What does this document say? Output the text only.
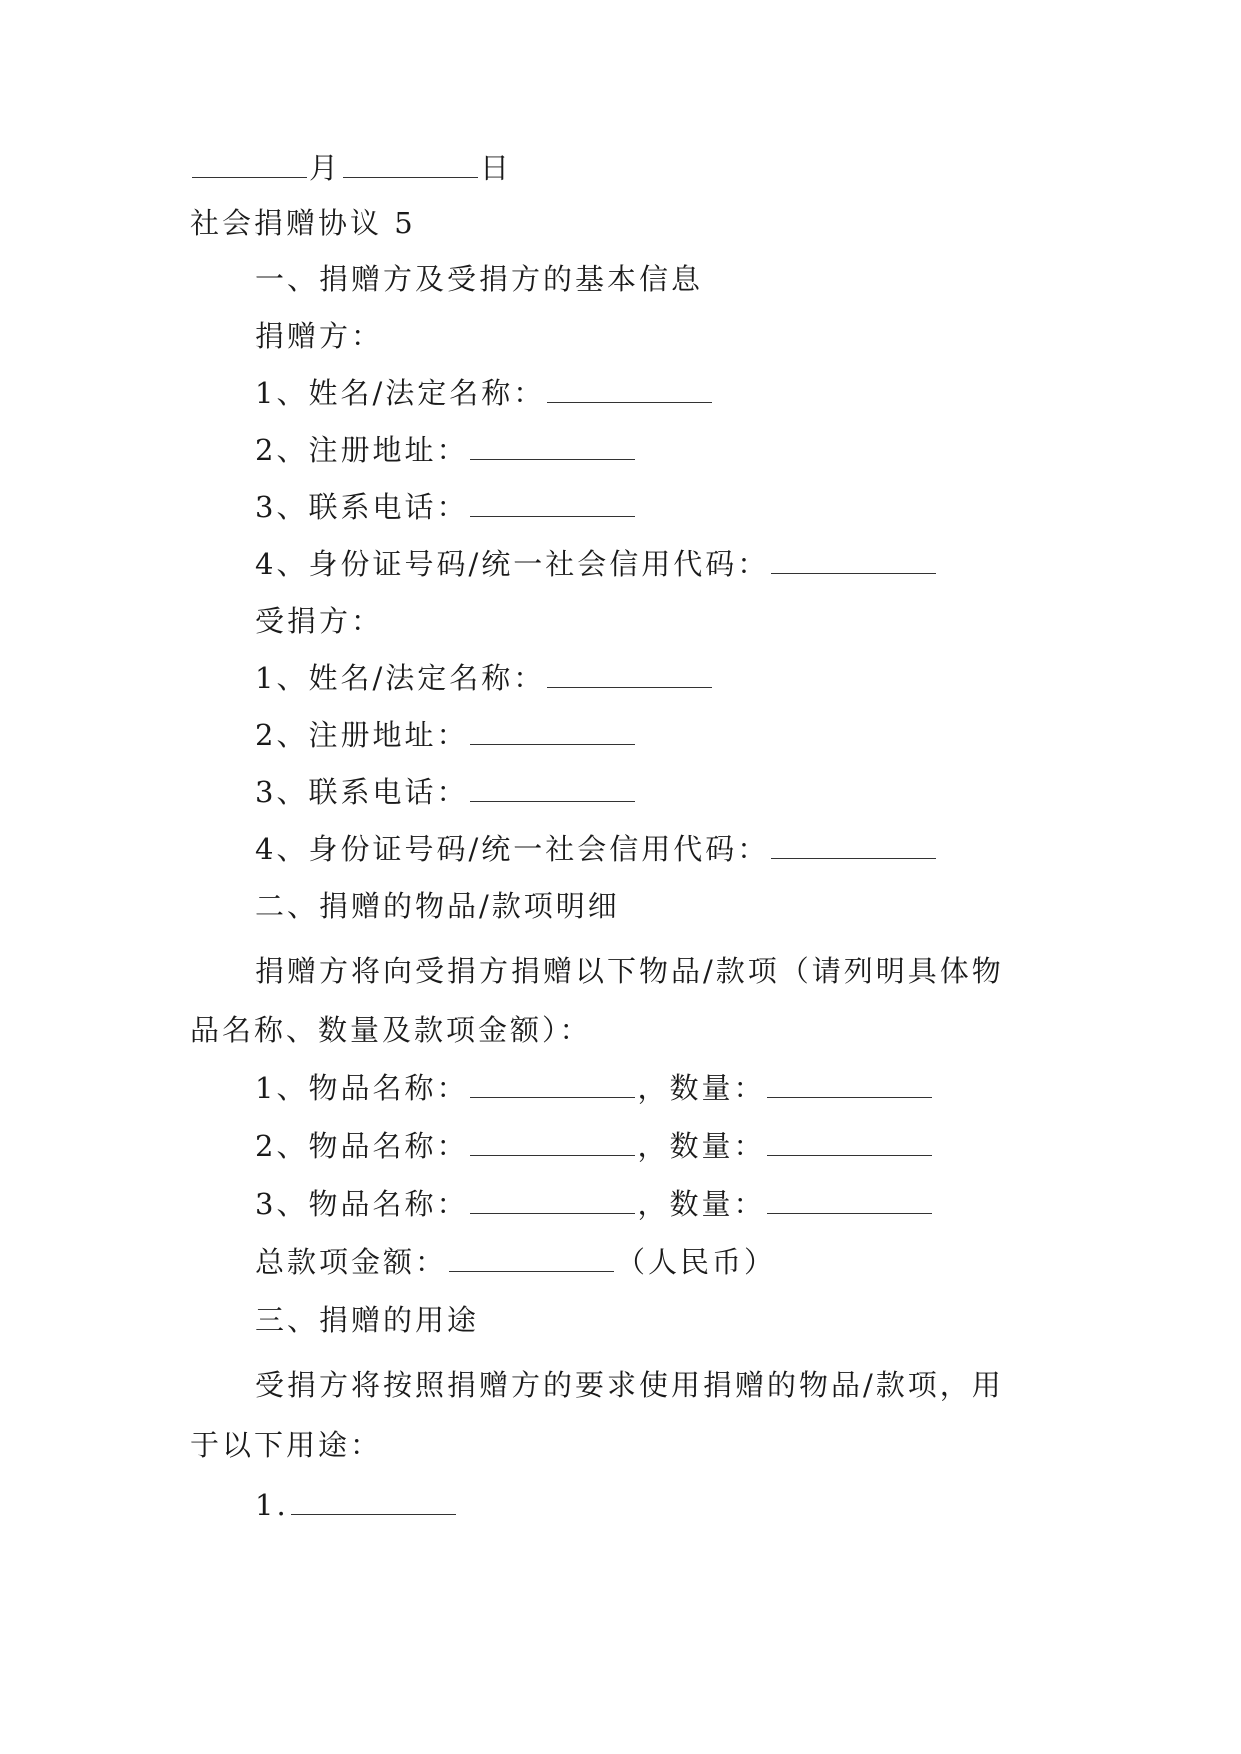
月	日
社会捐赠协议 5
一、捐赠方及受捐方的基本信息
捐赠方：
1、姓名/法定名称：
2、注册地址：
3、联系电话：
4、身份证号码/统一社会信用代码：
受捐方：
1、姓名/法定名称：
2、注册地址：
3、联系电话：
4、身份证号码/统一社会信用代码：
二、捐赠的物品/款项明细
捐赠方将向受捐方捐赠以下物品/款项（请列明具体物
品名称、数量及款项金额）：
1、物品名称：	，数量：
2、物品名称：	，数量：
3、物品名称：	，数量：
总款项金额：	（人民币）
三、捐赠的用途
受捐方将按照捐赠方的要求使用捐赠的物品/款项，用
于以下用途：
1.
